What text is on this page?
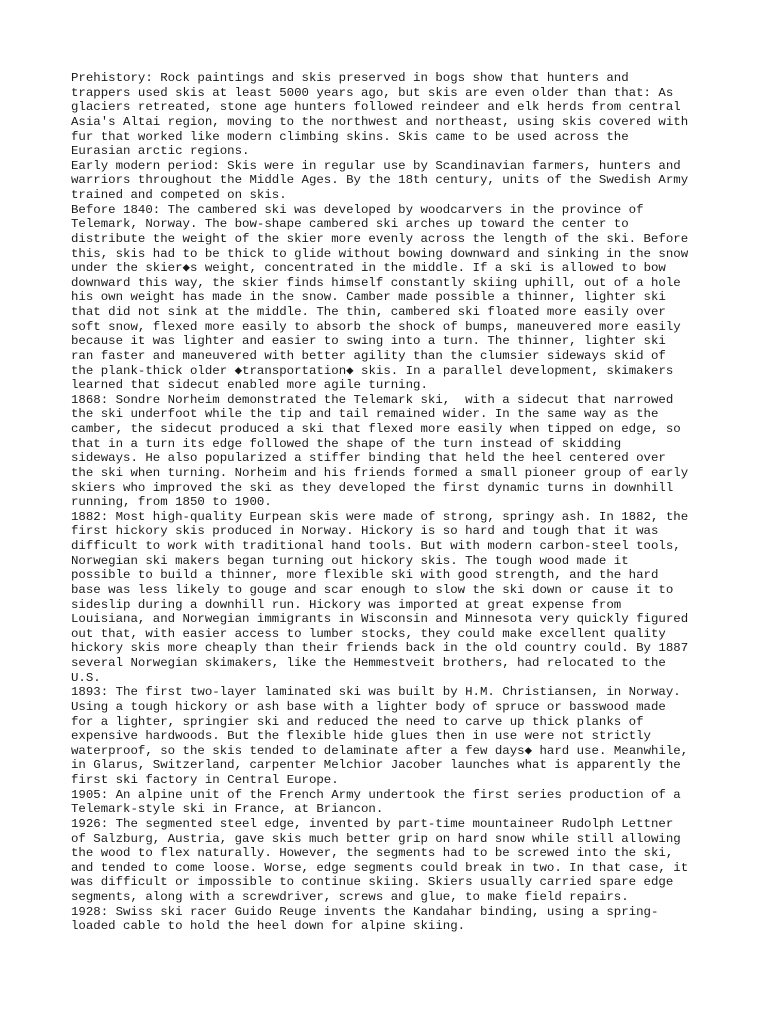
Prehistory: Rock paintings and skis preserved in bogs show that hunters and
trappers used skis at least 5000 years ago, but skis are even older than that: As
glaciers retreated, stone age hunters followed reindeer and elk herds from central
Asia's Altai region, moving to the northwest and northeast, using skis covered with
fur that worked like modern climbing skins. Skis came to be used across the
Eurasian arctic regions.
Early modern period: Skis were in regular use by Scandinavian farmers, hunters and
warriors throughout the Middle Ages. By the 18th century, units of the Swedish Army
trained and competed on skis.
Before 1840: The cambered ski was developed by woodcarvers in the province of
Telemark, Norway. The bow-shape cambered ski arches up toward the center to
distribute the weight of the skier more evenly across the length of the ski. Before
this, skis had to be thick to glide without bowing downward and sinking in the snow
under the skier◆s weight, concentrated in the middle. If a ski is allowed to bow
downward this way, the skier finds himself constantly skiing uphill, out of a hole
his own weight has made in the snow. Camber made possible a thinner, lighter ski
that did not sink at the middle. The thin, cambered ski floated more easily over
soft snow, flexed more easily to absorb the shock of bumps, maneuvered more easily
because it was lighter and easier to swing into a turn. The thinner, lighter ski
ran faster and maneuvered with better agility than the clumsier sideways skid of
the plank-thick older ◆transportation◆ skis. In a parallel development, skimakers
learned that sidecut enabled more agile turning.
1868: Sondre Norheim demonstrated the Telemark ski,  with a sidecut that narrowed
the ski underfoot while the tip and tail remained wider. In the same way as the
camber, the sidecut produced a ski that flexed more easily when tipped on edge, so
that in a turn its edge followed the shape of the turn instead of skidding
sideways. He also popularized a stiffer binding that held the heel centered over
the ski when turning. Norheim and his friends formed a small pioneer group of early
skiers who improved the ski as they developed the first dynamic turns in downhill
running, from 1850 to 1900.
1882: Most high-quality Eurpean skis were made of strong, springy ash. In 1882, the
first hickory skis produced in Norway. Hickory is so hard and tough that it was
difficult to work with traditional hand tools. But with modern carbon-steel tools,
Norwegian ski makers began turning out hickory skis. The tough wood made it
possible to build a thinner, more flexible ski with good strength, and the hard
base was less likely to gouge and scar enough to slow the ski down or cause it to
sideslip during a downhill run. Hickory was imported at great expense from
Louisiana, and Norwegian immigrants in Wisconsin and Minnesota very quickly figured
out that, with easier access to lumber stocks, they could make excellent quality
hickory skis more cheaply than their friends back in the old country could. By 1887
several Norwegian skimakers, like the Hemmestveit brothers, had relocated to the
U.S.
1893: The first two-layer laminated ski was built by H.M. Christiansen, in Norway.
Using a tough hickory or ash base with a lighter body of spruce or basswood made
for a lighter, springier ski and reduced the need to carve up thick planks of
expensive hardwoods. But the flexible hide glues then in use were not strictly
waterproof, so the skis tended to delaminate after a few days◆ hard use. Meanwhile,
in Glarus, Switzerland, carpenter Melchior Jacober launches what is apparently the
first ski factory in Central Europe.
1905: An alpine unit of the French Army undertook the first series production of a
Telemark-style ski in France, at Briancon.
1926: The segmented steel edge, invented by part-time mountaineer Rudolph Lettner
of Salzburg, Austria, gave skis much better grip on hard snow while still allowing
the wood to flex naturally. However, the segments had to be screwed into the ski,
and tended to come loose. Worse, edge segments could break in two. In that case, it
was difficult or impossible to continue skiing. Skiers usually carried spare edge
segments, along with a screwdriver, screws and glue, to make field repairs.
1928: Swiss ski racer Guido Reuge invents the Kandahar binding, using a spring-
loaded cable to hold the heel down for alpine skiing.
